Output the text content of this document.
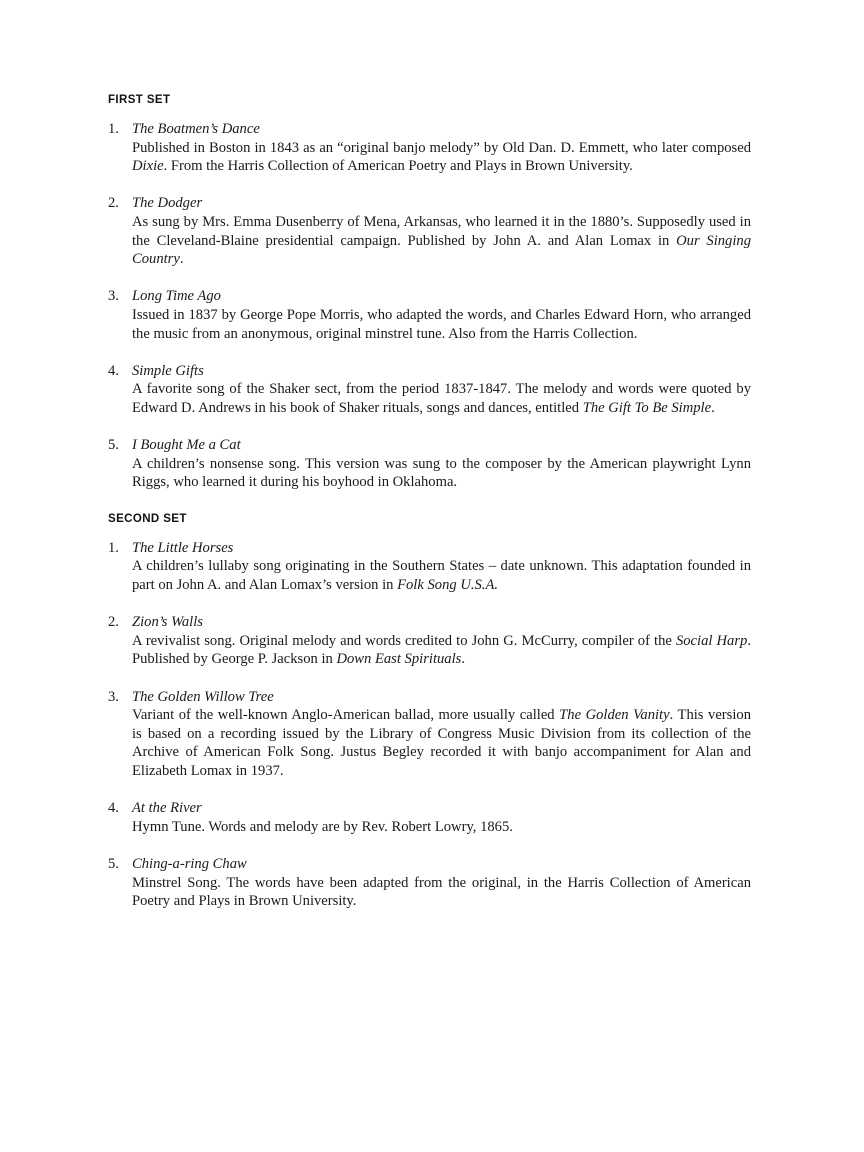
FIRST SET
1. The Boatmen’s Dance

Published in Boston in 1843 as an “original banjo melody” by Old Dan. D. Emmett, who later composed Dixie. From the Harris Collection of American Poetry and Plays in Brown University.

2. The Dodger

As sung by Mrs. Emma Dusenberry of Mena, Arkansas, who learned it in the 1880’s. Supposedly used in the Cleveland-Blaine presidential campaign. Published by John A. and Alan Lomax in Our Singing Country.

3. Long Time Ago

Issued in 1837 by George Pope Morris, who adapted the words, and Charles Edward Horn, who arranged the music from an anonymous, original minstrel tune. Also from the Harris Collection.

4. Simple Gifts

A favorite song of the Shaker sect, from the period 1837-1847. The melody and words were quoted by Edward D. Andrews in his book of Shaker rituals, songs and dances, entitled The Gift To Be Simple.

5. I Bought Me a Cat

A children’s nonsense song. This version was sung to the composer by the American playwright Lynn Riggs, who learned it during his boyhood in Oklahoma.

SECOND SET
1. The Little Horses

A children’s lullaby song originating in the Southern States – date unknown. This adaptation founded in part on John A. and Alan Lomax’s version in Folk Song U.S.A.

2. Zion’s Walls

A revivalist song. Original melody and words credited to John G. McCurry, compiler of the Social Harp. Published by George P. Jackson in Down East Spirituals.

3. The Golden Willow Tree

Variant of the well-known Anglo-American ballad, more usually called The Golden Vanity. This version is based on a recording issued by the Library of Congress Music Division from its collection of the Archive of American Folk Song. Justus Begley recorded it with banjo accompaniment for Alan and Elizabeth Lomax in 1937.

4. At the River

Hymn Tune. Words and melody are by Rev. Robert Lowry, 1865.

5. Ching-a-ring Chaw

Minstrel Song. The words have been adapted from the original, in the Harris Collection of American Poetry and Plays in Brown University.
